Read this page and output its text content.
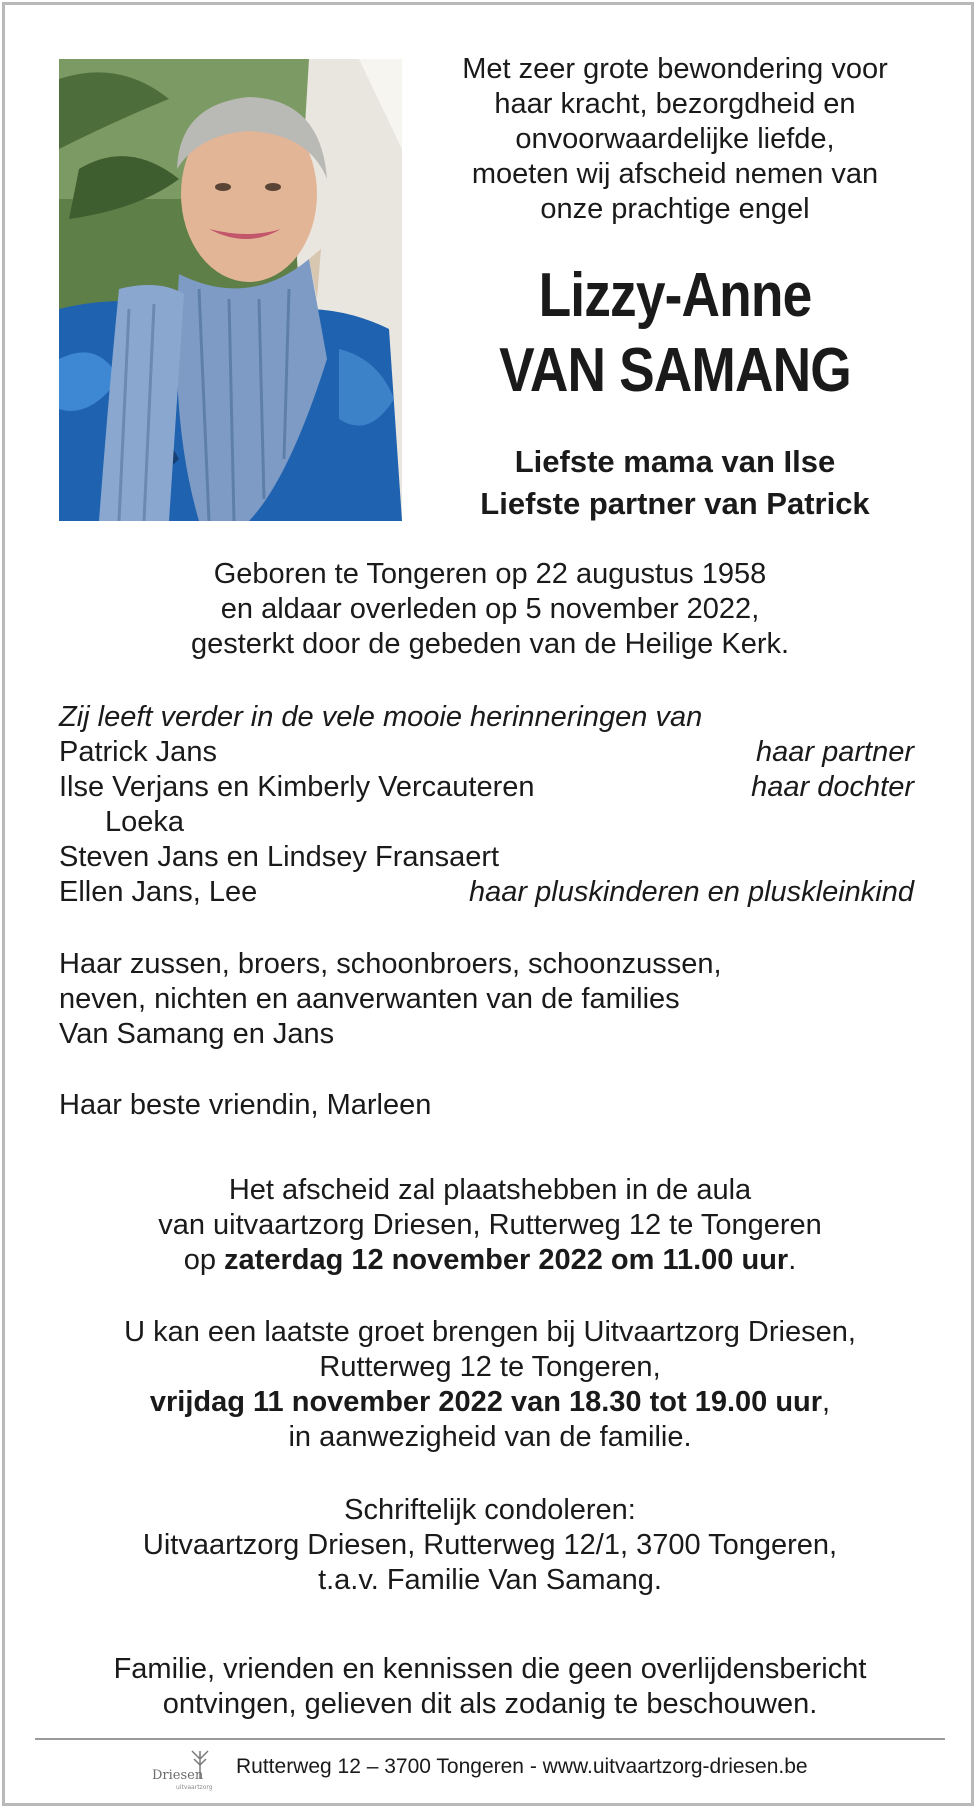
Met zeer grote bewondering voor
haar kracht, bezorgdheid en
onvoorwaardelijke liefde,
moeten wij afscheid nemen van
onze prachtige engel
Lizzy-Anne
VAN SAMANG
Liefste mama van Ilse
Liefste partner van Patrick
Geboren te Tongeren op 22 augustus 1958
en aldaar overleden op 5 november 2022,
gesterkt door de gebeden van de Heilige Kerk.
Zij leeft verder in de vele mooie herinneringen van
Patrick Jans	haar partner
Ilse Verjans en Kimberly Vercauteren	haar dochter
Loeka
Steven Jans en Lindsey Fransaert
Ellen Jans, Lee	haar pluskinderen en pluskleinkind
Haar zussen, broers, schoonbroers, schoonzussen,
neven, nichten en aanverwanten van de families
Van Samang en Jans
Haar beste vriendin, Marleen
Het afscheid zal plaatshebben in de aula
van uitvaartzorg Driesen, Rutterweg 12 te Tongeren
op zaterdag 12 november 2022 om 11.00 uur.
U kan een laatste groet brengen bij Uitvaartzorg Driesen,
Rutterweg 12 te Tongeren,
vrijdag 11 november 2022 van 18.30 tot 19.00 uur,
in aanwezigheid van de familie.
Schriftelijk condoleren:
Uitvaartzorg Driesen, Rutterweg 12/1, 3700 Tongeren,
t.a.v. Familie Van Samang.
Familie, vrienden en kennissen die geen overlijdensbericht
ontvingen, gelieven dit als zodanig te beschouwen.
Driesen
uitvaartzorg
Rutterweg 12 – 3700 Tongeren - www.uitvaartzorg-driesen.be
